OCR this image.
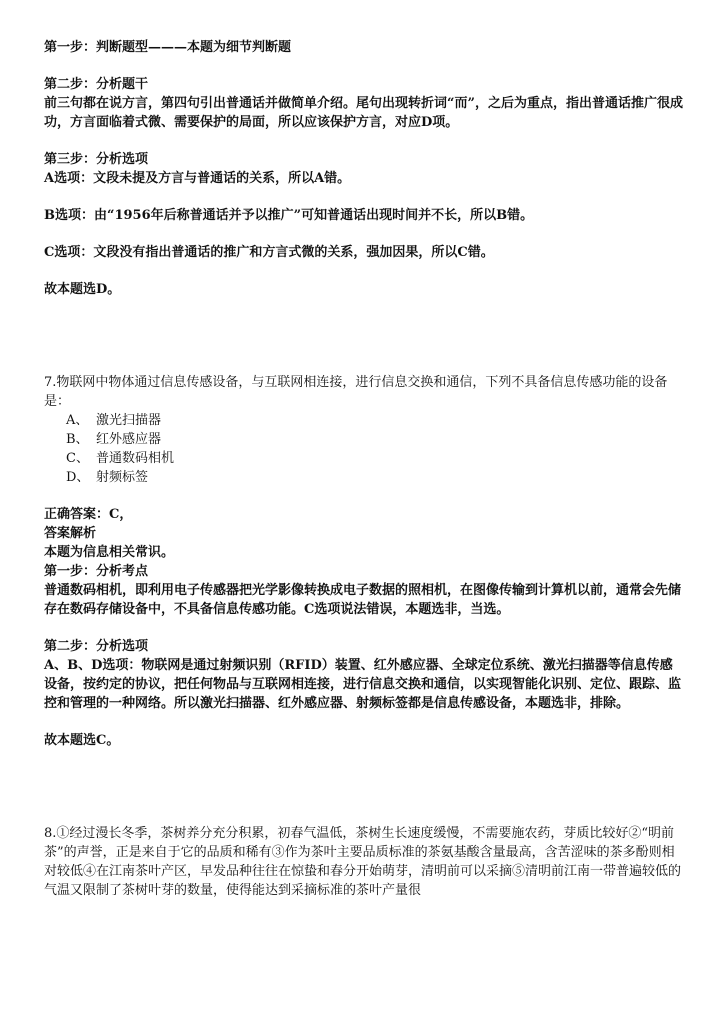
第一步：判断题型———本题为细节判断题
第二步：分析题干
前三句都在说方言，第四句引出普通话并做简单介绍。尾句出现转折词“而”，之后为重点，指出普通话推广很成功，方言面临着式微、需要保护的局面，所以应该保护方言，对应D项。
第三步：分析选项
A选项：文段未提及方言与普通话的关系，所以A错。
B选项：由“1956年后称普通话并予以推广”可知普通话出现时间并不长，所以B错。
C选项：文段没有指出普通话的推广和方言式微的关系，强加因果，所以C错。
故本题选D。
7.物联网中物体通过信息传感设备，与互联网相连接，进行信息交换和通信，下列不具备信息传感功能的设备是：
A、 激光扫描器
B、 红外感应器
C、 普通数码相机
D、 射频标签
正确答案：C，
答案解析
本题为信息相关常识。
第一步：分析考点
普通数码相机，即利用电子传感器把光学影像转换成电子数据的照相机，在图像传输到计算机以前，通常会先储存在数码存储设备中，不具备信息传感功能。C选项说法错误，本题选非，当选。
第二步：分析选项
A、B、D选项：物联网是通过射频识别（RFID）装置、红外感应器、全球定位系统、激光扫描器等信息传感设备，按约定的协议，把任何物品与互联网相连接，进行信息交换和通信，以实现智能化识别、定位、跟踪、监控和管理的一种网络。所以激光扫描器、红外感应器、射频标签都是信息传感设备，本题选非，排除。
故本题选C。
8.①经过漫长冬季，茶树养分充分积累，初春气温低，茶树生长速度缓慢，不需要施农药，芽质比较好②“明前茶”的声誉，正是来自于它的品质和稀有③作为茶叶主要品质标准的茶氨基酸含量最高，含苦涩味的茶多酚则相对较低④在江南茶叶产区，早发品种往往在惊蛰和春分开始萌芽，清明前可以采摘⑤清明前江南一带普遍较低的气温又限制了茶树叶芽的数量，使得能达到采摘标准的茶叶产量很
